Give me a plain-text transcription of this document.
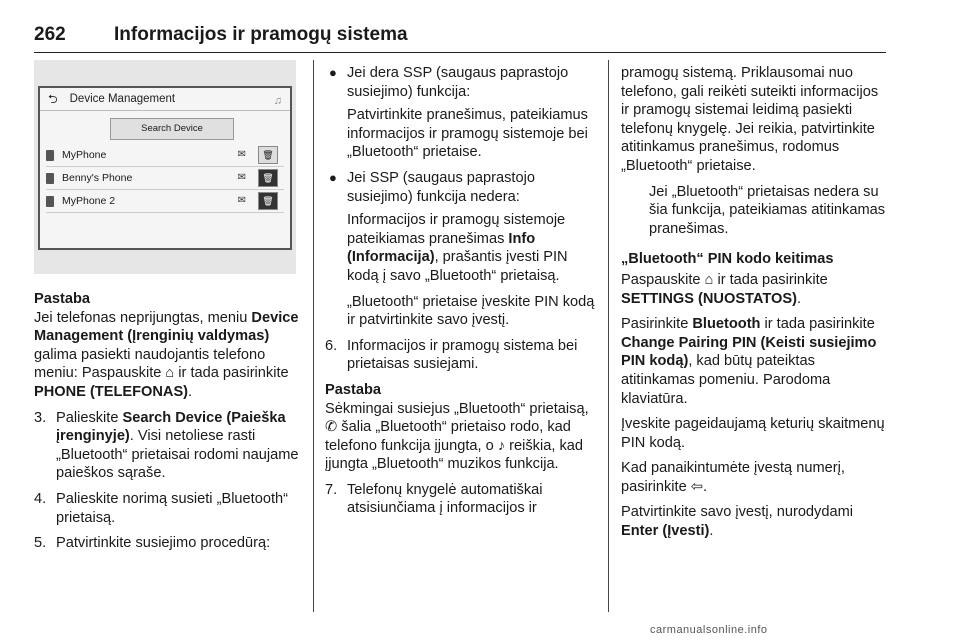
262	Informacijos ir pramogų sistema
⮌ Device Management	♫
Search Device
MyPhone	✉	🗑
Benny's Phone	✉	🗑
MyPhone 2	✉	🗑

Pastaba
Jei telefonas neprijungtas, meniu Device Management (Įrenginių valdymas) galima pasiekti naudojantis telefono meniu: Paspauskite ⌂ ir tada pasirinkite PHONE (TELEFONAS).

3. Palieskite Search Device (Paieška įrenginyje). Visi netoliese rasti „Bluetooth“ prietaisai rodomi naujame paieškos sąraše.
4. Palieskite norimą susieti „Bluetooth“ prietaisą.
5. Patvirtinkite susiejimo procedūrą:
● Jei dera SSP (saugaus paprastojo susiejimo) funkcija:

Patvirtinkite pranešimus, pateikiamus informacijos ir pramogų sistemoje bei „Bluetooth“ prietaise.

● Jei SSP (saugaus paprastojo susiejimo) funkcija nedera:

Informacijos ir pramogų sistemoje pateikiamas pranešimas Info (Informacija), prašantis įvesti PIN kodą į savo „Bluetooth“ prietaisą.

„Bluetooth“ prietaise įveskite PIN kodą ir patvirtinkite savo įvestį.

6. Informacijos ir pramogų sistema bei prietaisas susiejami.

Pastaba
Sėkmingai susiejus „Bluetooth“ prietaisą, ✆ šalia „Bluetooth“ prietaiso rodo, kad telefono funkcija įjungta, o ♪ reiškia, kad įjungta „Bluetooth“ muzikos funkcija.

7. Telefonų knygelė automatiškai atsisiunčiama į informacijos ir

pramogų sistemą. Priklausomai nuo telefono, gali reikėti suteikti informacijos ir pramogų sistemai leidimą pasiekti telefonų knygelę. Jei reikia, patvirtinkite atitinkamus pranešimus, rodomus „Bluetooth“ prietaise.

Jei „Bluetooth“ prietaisas nedera su šia funkcija, pateikiamas atitinkamas pranešimas.

„Bluetooth“ PIN kodo keitimas

Paspauskite ⌂ ir tada pasirinkite SETTINGS (NUOSTATOS).

Pasirinkite Bluetooth ir tada pasirinkite Change Pairing PIN (Keisti susiejimo PIN kodą), kad būtų pateiktas atitinkamas pomeniu. Parodoma klaviatūra.

Įveskite pageidaujamą keturių skaitmenų PIN kodą.

Kad panaikintumėte įvestą numerį, pasirinkite ⇦.

Patvirtinkite savo įvestį, nurodydami Enter (Įvesti).

carmanualsonline.info
